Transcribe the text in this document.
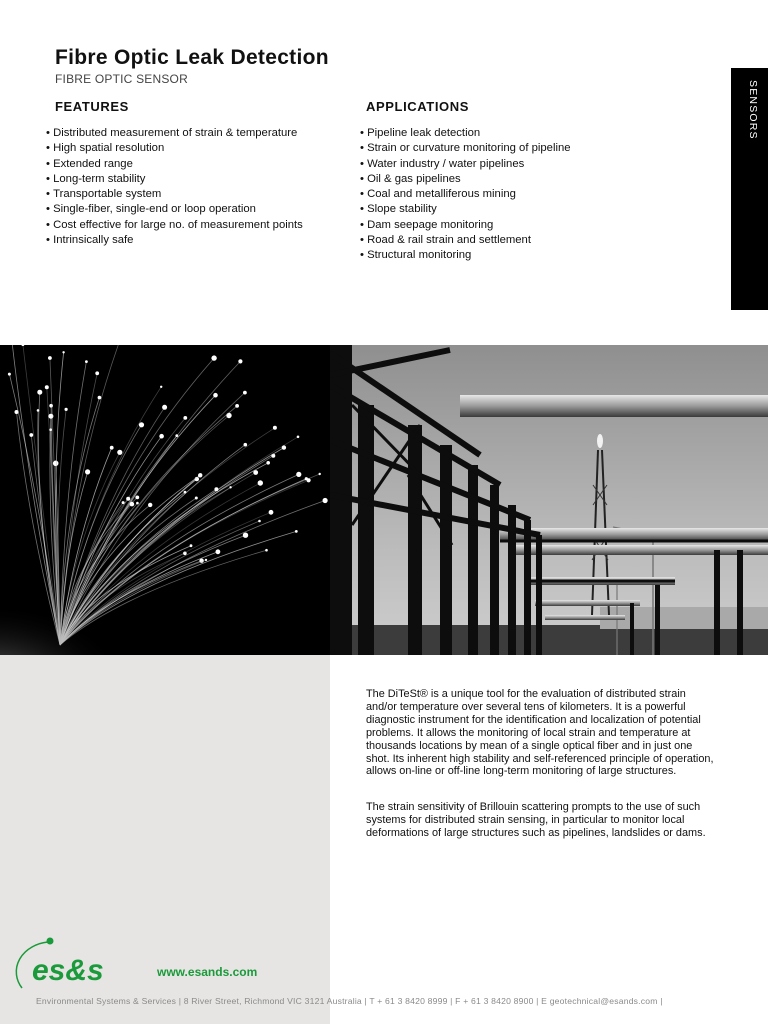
Fibre Optic Leak Detection
FIBRE OPTIC SENSOR
FEATURES
• Distributed measurement of strain & temperature
• High spatial resolution
• Extended range
• Long-term stability
• Transportable system
• Single-fiber, single-end or loop operation
• Cost effective for large no. of measurement points
• Intrinsically safe
APPLICATIONS
• Pipeline leak detection
• Strain or curvature monitoring of pipeline
• Water industry / water pipelines
• Oil & gas pipelines
• Coal and metalliferous mining
• Slope stability
• Dam seepage monitoring
• Road & rail strain and settlement
• Structural monitoring
SENSORS

The DiTeSt® is a unique tool for the evaluation of distributed strain and/or temperature over several tens of kilometers. It is a powerful diagnostic instrument for the identification and localization of potential problems. It allows the monitoring of local strain and temperature at thousands locations by mean of a single optical fiber and in just one shot. Its inherent high stability and self-referenced principle of operation, allows on-line or off-line long-term monitoring of large structures.

The strain sensitivity of Brillouin scattering prompts to the use of such systems for distributed strain sensing, in particular to monitor local deformations of large structures such as pipelines, landslides or dams.

es&s	www.esands.com
Environmental Systems & Services | 8 River Street, Richmond VIC 3121 Australia | T + 61 3 8420 8999 | F + 61 3 8420 8900 | E geotechnical@esands.com |
